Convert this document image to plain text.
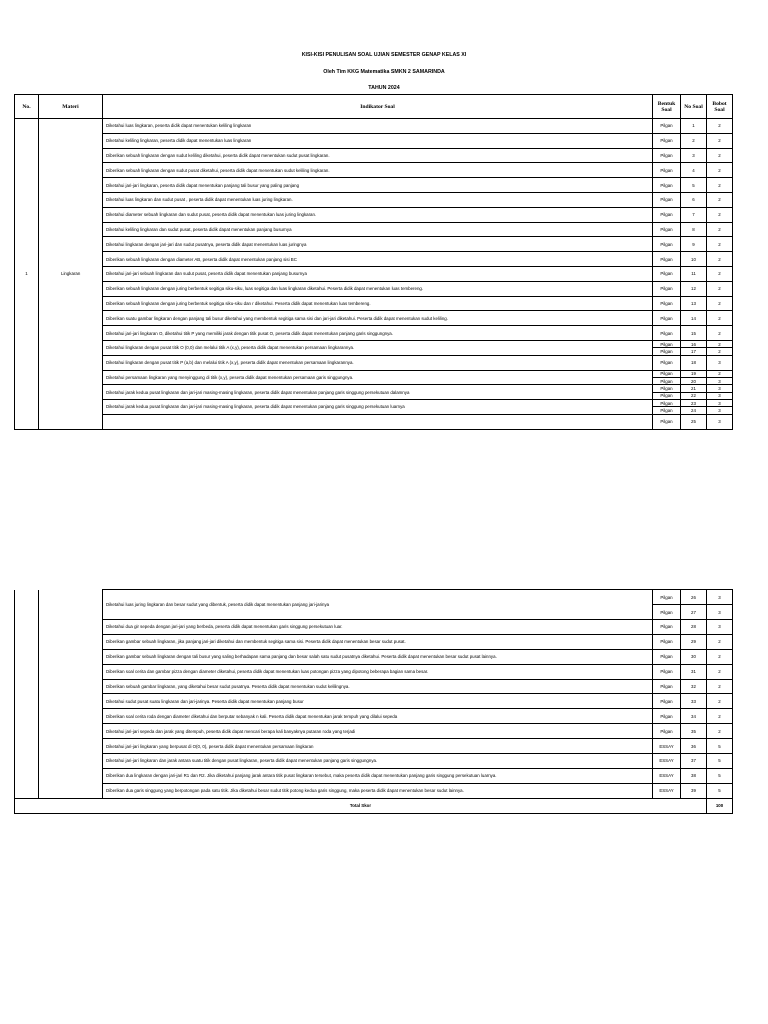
KISI-KISI PENULISAN SOAL UJIAN SEMESTER GENAP KELAS XI
Oleh Tim KKG Matematika SMKN 2 SAMARINDA
TAHUN 2024
No.	Materi	Indikator Soal	Bentuk Soal	No Soal	Bobot Soal
1	Lingkaran	Diketahui luas lingkaran, peserta didik dapat menentukan keliling lingkaran	Pilgan	1	2
		Diketahui keliling lingkaran, peserta didik dapat menentukan luas lingkaran	Pilgan	2	2
		Diberikan sebuah lingkaran dengan sudut keliling diketahui, peserta didik dapat menentukan sudut pusat lingkaran.	Pilgan	3	2
		Diberikan sebuah lingkaran dengan sudut pusat diketahui, peserta didik dapat menentukan sudut keliling lingkaran.	Pilgan	4	2
		Diketahui jari-jari lingkaran, peserta didik dapat menentukan panjang tali busur yang paling panjang	Pilgan	5	2
		Diketahui luas lingkaran dan sudut pusat , peserta didik dapat menentukan luas juring lingkaran.	Pilgan	6	2
		Diketahui diameter sebuah lingkaran dan sudut pusat, peserta didik dapat menentukan luas juring lingkaran.	Pilgan	7	2
		Diketahui keliling lingkaran dan sudut pusat, peserta didik dapat menentukan panjang busurnya	Pilgan	8	2
		Diketahui lingkaran dengan jari-jari dan sudut pusatnya, peserta didik dapat menentukan luas juringnya	Pilgan	9	2
		Diberikan sebuah lingkaran dengan diameter AB, peserta didik dapat menentukan panjang sisi BC	Pilgan	10	2
		Diketahui jari-jari sebuah lingkaran dan sudut pusat, peserta didik dapat menentukan panjang busurnya	Pilgan	11	2
		Diberikan sebuah lingkaran dengan juring berbentuk segitiga siku-siku, luas segitiga dan luas lingkaran diketahui. Peserta didik dapat menentukan luas tembereng.	Pilgan	12	2
		Diberikan sebuah lingkaran dengan juring berbentuk segitiga siku-siku dan r diketahui. Peserta didik dapat menentukan luas tembereng.	Pilgan	13	2
		Diberikan suatu gambar lingkaran dengan panjang tali busur diketahui yang membentuk segitiga sama sisi dan jari-jari diketahui. Peserta didik dapat menentukan sudut keliling.	Pilgan	14	2
		Diketahui jari-jari lingkaran O, diketahui titik P yang memiliki jarak dengan titik pusat O, peserta didik dapat menentukan panjang garis singgungnya.	Pilgan	15	2
		Diketahui lingkaran dengan pusat titik O (0,0) dan melalui titik A (x,y), peserta didik dapat menentukan persamaan lingkarannya.	Pilgan	16	2
			Pilgan	17	2
		Diketahui lingkaran dengan pusat titik P (a,b) dan melalui titik A (x,y), peserta didik dapat menentukan persamaan lingkarannya.	Pilgan	18	3
		Diketahui persamaan lingkaran yang menyinggung di titik (x,y), peserta didik dapat menentukan persamaan garis singgungnya.	Pilgan	19	2
			Pilgan	20	3
		Diketahui jarak kedua pusat lingkaran dan jari-jari masing-masing lingkaran, peserta didik dapat menentukan panjang garis singgung persekutuan dalamnya	Pilgan	21	3
			Pilgan	22	3
		Diketahui jarak kedua pusat lingkaran dan jari-jari masing-masing lingkaran, peserta didik dapat menentukan panjang garis singgung persekutuan luarnya	Pilgan	23	3
			Pilgan	24	3
			Pilgan	25	3
		Diketahui luas juring lingkaran dan besar sudut yang dibentuk, peserta didik dapat menentukan panjang jari-jarinya	Pilgan	26	3
			Pilgan	27	3
		Diketahui dua gir sepeda dengan jari-jari yang berbeda, peserta didik dapat menentukan garis singgung persekutuan luar.	Pilgan	28	3
		Diberikan gambar sebuah lingkaran, jika panjang jari-jari diketahui dan membentuk segitiga sama sisi. Peserta didik dapat menentukan besar sudut pusat.	Pilgan	29	2
		Diberikan gambar sebuah lingkaran dengan tali busur yang saling berhadapan sama panjang dan besar salah satu sudut pusatnya diketahui. Peserta didik dapat menentukan besar sudut pusat lainnya.	Pilgan	30	2
		Diberikan soal cerita dan gambar pizza dengan diameter diketahui, peserta didik dapat menentukan luas potongan pizza yang dipotong beberapa bagian sama besar.	Pilgan	31	2
		Diberikan sebuah gambar lingkaran, yang diketahui besar sudut pusatnya. Peserta didik dapat menentukan sudut kelilingnya.	Pilgan	32	2
		Diketahui sudut pusat suatu lingkaran dan jari-jarinya. Peserta didik dapat menentukan panjang busur	Pilgan	33	2
		Diberikan soal cerita roda dengan diameter diketahui dan berputar sebanyak n kali. Peserta didik dapat menentukan jarak tempuh yang dilalui sepeda	Pilgan	34	2
		Diketahui jari-jari sepeda dan jarak yang ditempuh, peserta didik dapat mencari berapa kali banyaknya putaran roda yang terjadi	Pilgan	35	2
		Diketahui jari-jari lingkaran yang berpusat di O(0, 0), peserta didik dapat menentukan persamaan lingkaran	ESSAY	36	5
		Diketahui jari-jari lingkaran dan jarak antara suatu titik dengan pusat lingkaran, peserta didik dapat menentukan panjang garis singgungnya.	ESSAY	37	5
		Diberikan dua lingkaran dengan jari-jari R1 dan R2. Jika diketahui panjang jarak antara titik pusat lingkaran tersebut, maka peserta didik dapat menentukan panjang garis singgung persekutuan luarnya.	ESSAY	38	5
		Diberikan dua garis singgung yang berpotongan pada satu titik. Jika diketahui besar sudut titik potong kedua garis singgung, maka peserta didik dapat menentukan besar sudut lainnya.	ESSAY	39	5
Total Skor					100
